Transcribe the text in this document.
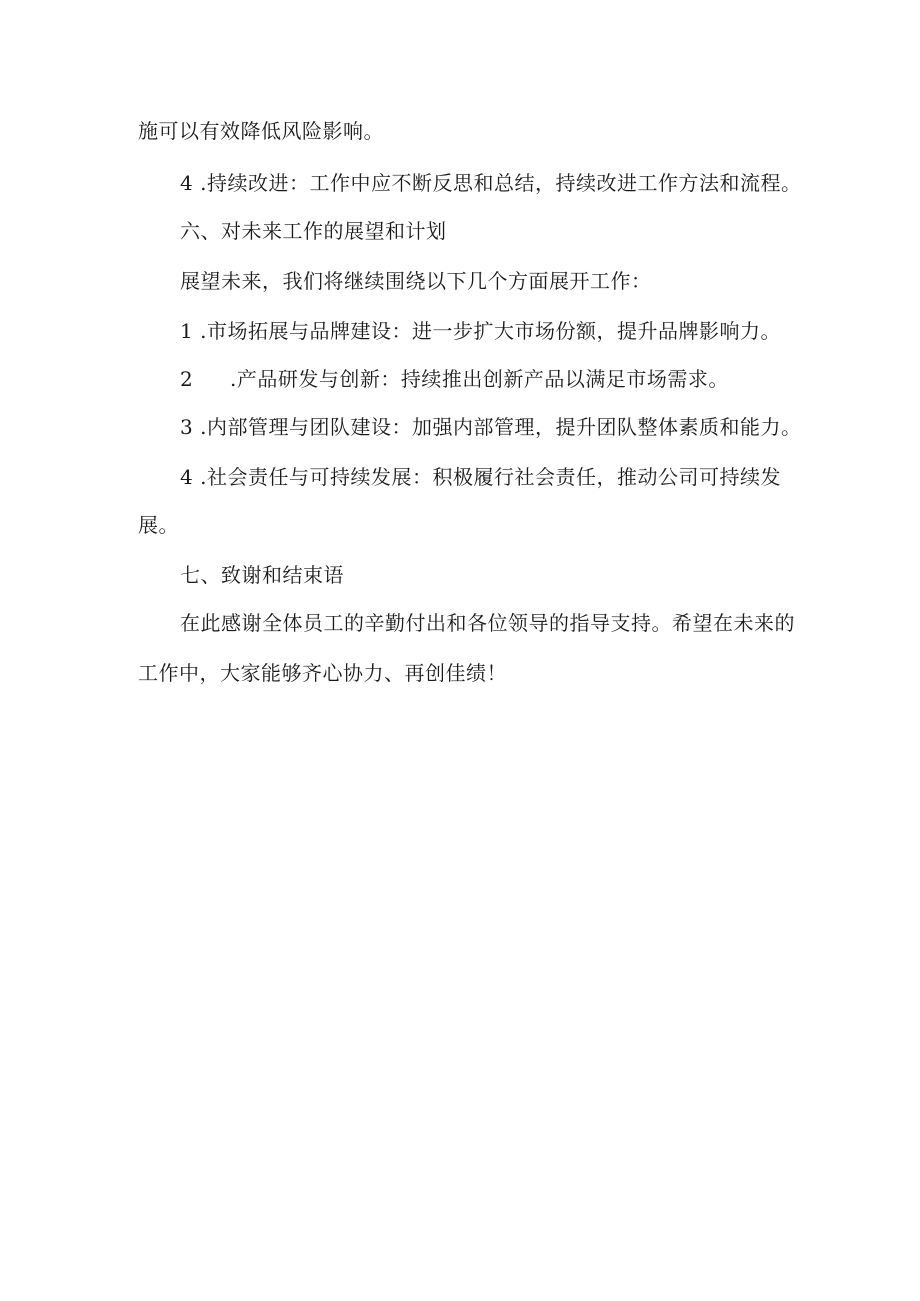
施可以有效降低风险影响。
4 .持续改进：工作中应不断反思和总结，持续改进工作方法和流程。
六、对未来工作的展望和计划
展望未来，我们将继续围绕以下几个方面展开工作：
1 .市场拓展与品牌建设：进一步扩大市场份额，提升品牌影响力。
2 .产品研发与创新：持续推出创新产品以满足市场需求。
3 .内部管理与团队建设：加强内部管理，提升团队整体素质和能力。
4 .社会责任与可持续发展：积极履行社会责任，推动公司可持续发
展。
七、致谢和结束语
在此感谢全体员工的辛勤付出和各位领导的指导支持。希望在未来的
工作中，大家能够齐心协力、再创佳绩！
